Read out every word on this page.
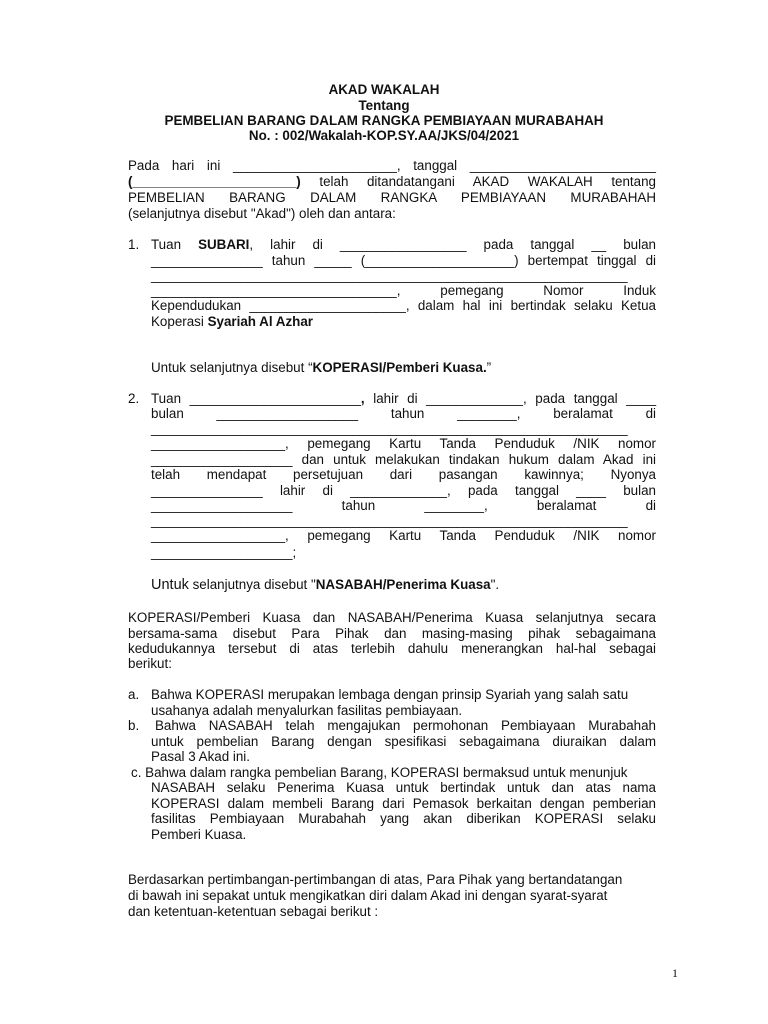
AKAD WAKALAH
Tentang
PEMBELIAN BARANG DALAM RANGKA PEMBIAYAAN MURABAHAH
No. : 002/Wakalah-KOP.SY.AA/JKS/04/2021
Pada hari ini ______________________, tanggal _________________________
(______________________) telah ditandatangani AKAD WAKALAH tentang
PEMBELIAN BARANG DALAM RANGKA PEMBIAYAAN MURABAHAH
(selanjutnya disebut "Akad") oleh dan antara:
1. Tuan SUBARI, lahir di _________________ pada tanggal __ bulan
_______________ tahun _____ (____________________) bertempat tinggal di
________________________________________________________________
_________________________________, pemegang Nomor Induk
Kependudukan _____________________, dalam hal ini bertindak selaku Ketua
Koperasi Syariah Al Azhar
Untuk selanjutnya disebut “KOPERASI/Pemberi Kuasa.”
2. Tuan _______________________, lahir di _____________, pada tanggal ____
bulan ___________________ tahun ________, beralamat di
________________________________________________________________
__________________, pemegang Kartu Tanda Penduduk /NIK nomor
___________________ dan untuk melakukan tindakan hukum dalam Akad ini
telah mendapat persetujuan dari pasangan kawinnya; Nyonya
_______________ lahir di _____________, pada tanggal ____ bulan
___________________ tahun ________, beralamat di
________________________________________________________________
__________________, pemegang Kartu Tanda Penduduk /NIK nomor
___________________;
Untuk selanjutnya disebut "NASABAH/Penerima Kuasa".
KOPERASI/Pemberi Kuasa dan NASABAH/Penerima Kuasa selanjutnya secara
bersama-sama disebut Para Pihak dan masing-masing pihak sebagaimana
kedudukannya tersebut di atas terlebih dahulu menerangkan hal-hal sebagai
berikut:
a. Bahwa KOPERASI merupakan lembaga dengan prinsip Syariah yang salah satu
usahanya adalah menyalurkan fasilitas pembiayaan.
b. Bahwa NASABAH telah mengajukan permohonan Pembiayaan Murabahah
untuk pembelian Barang dengan spesifikasi sebagaimana diuraikan dalam
Pasal 3 Akad ini.
c. Bahwa dalam rangka pembelian Barang, KOPERASI bermaksud untuk menunjuk
NASABAH selaku Penerima Kuasa untuk bertindak untuk dan atas nama
KOPERASI dalam membeli Barang dari Pemasok berkaitan dengan pemberian
fasilitas Pembiayaan Murabahah yang akan diberikan KOPERASI selaku
Pemberi Kuasa.
Berdasarkan pertimbangan-pertimbangan di atas, Para Pihak yang bertandatangan
di bawah ini sepakat untuk mengikatkan diri dalam Akad ini dengan syarat-syarat
dan ketentuan-ketentuan sebagai berikut :
1
